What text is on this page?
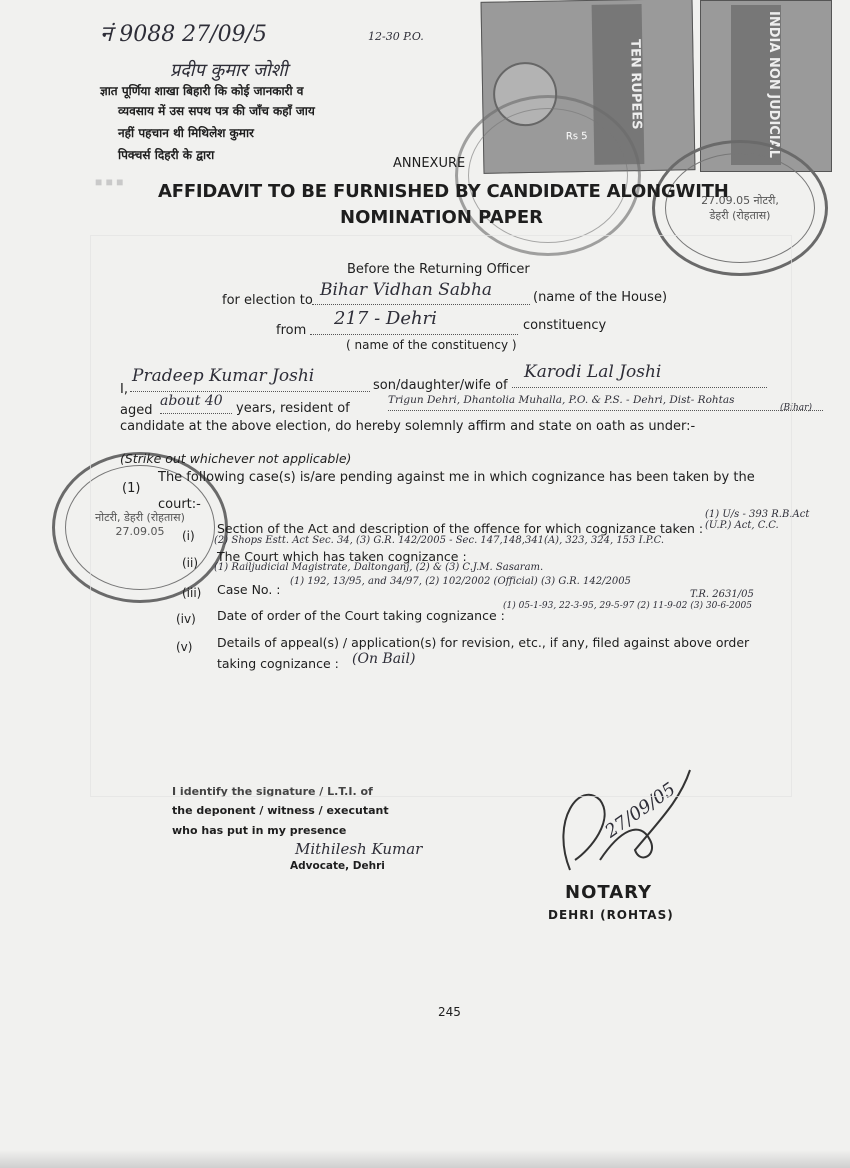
■ ■ ■
नं 9088 27/09/5	12-30 P.O.
प्रदीप कुमार जोशी
ज्ञात पूर्णिया शाखा बिहारी कि कोई जानकारी व
व्यवसाय में उस सपथ पत्र की जाँच कहाँ जाय
नहीं पहचान थी मिथिलेश कुमार
पिक्चर्स दिहरी के द्वारा
TEN RUPEES
Rs 5	INDIA NON JUDICIAL
27.09.05 नोटरी, डेहरी (रोहतास)
ANNEXURE
AFFIDAVIT TO BE FURNISHED BY CANDIDATE ALONGWITH
NOMINATION PAPER
Before the Returning Officer
for election to
Bihar Vidhan Sabha	(name of the House)
from
217 - Dehri	constituency
( name of the constituency )
I,
Pradeep Kumar Joshi	son/daughter/wife of
Karodi Lal Joshi
aged
about 40	years, resident of
Trigun Dehri, Dhantolia Muhalla, P.O. & P.S. - Dehri, Dist- Rohtas
(Bihar)
candidate at the above election, do hereby solemnly affirm and state on oath as under:-
नोटरी, डेहरी (रोहतास) 27.09.05
(Strike out whichever not applicable)
(1)
The following case(s) is/are pending against me in which cognizance has been taken by the
court:-
(i) Section of the Act and description of the offence for which cognizance taken :
(1) U/s - 393 R.B.Act (U.P.) Act, C.C.
(2) Shops Estt. Act Sec. 34, (3) G.R. 142/2005 - Sec. 147,148,341(A), 323, 324, 153 I.P.C.
(ii) The Court which has taken cognizance :
(1) Railjudicial Magistrate, Daltonganj, (2) & (3) C.J.M. Sasaram.
(iii) Case No. :
(1) 192, 13/95, and 34/97, (2) 102/2002 (Official) (3) G.R. 142/2005
T.R. 2631/05
(iv) Date of order of the Court taking cognizance :
(1) 05-1-93, 22-3-95, 29-5-97 (2) 11-9-02 (3) 30-6-2005
(v) Details of appeal(s) / application(s) for revision, etc., if any, filed against above order
taking cognizance : (On Bail)
I identify the signature / L.T.I. of
the deponent / witness / executant
who has put in my presence
Mithilesh Kumar
Advocate, Dehri
27/09/05
NOTARY
DEHRI (ROHTAS)
245
